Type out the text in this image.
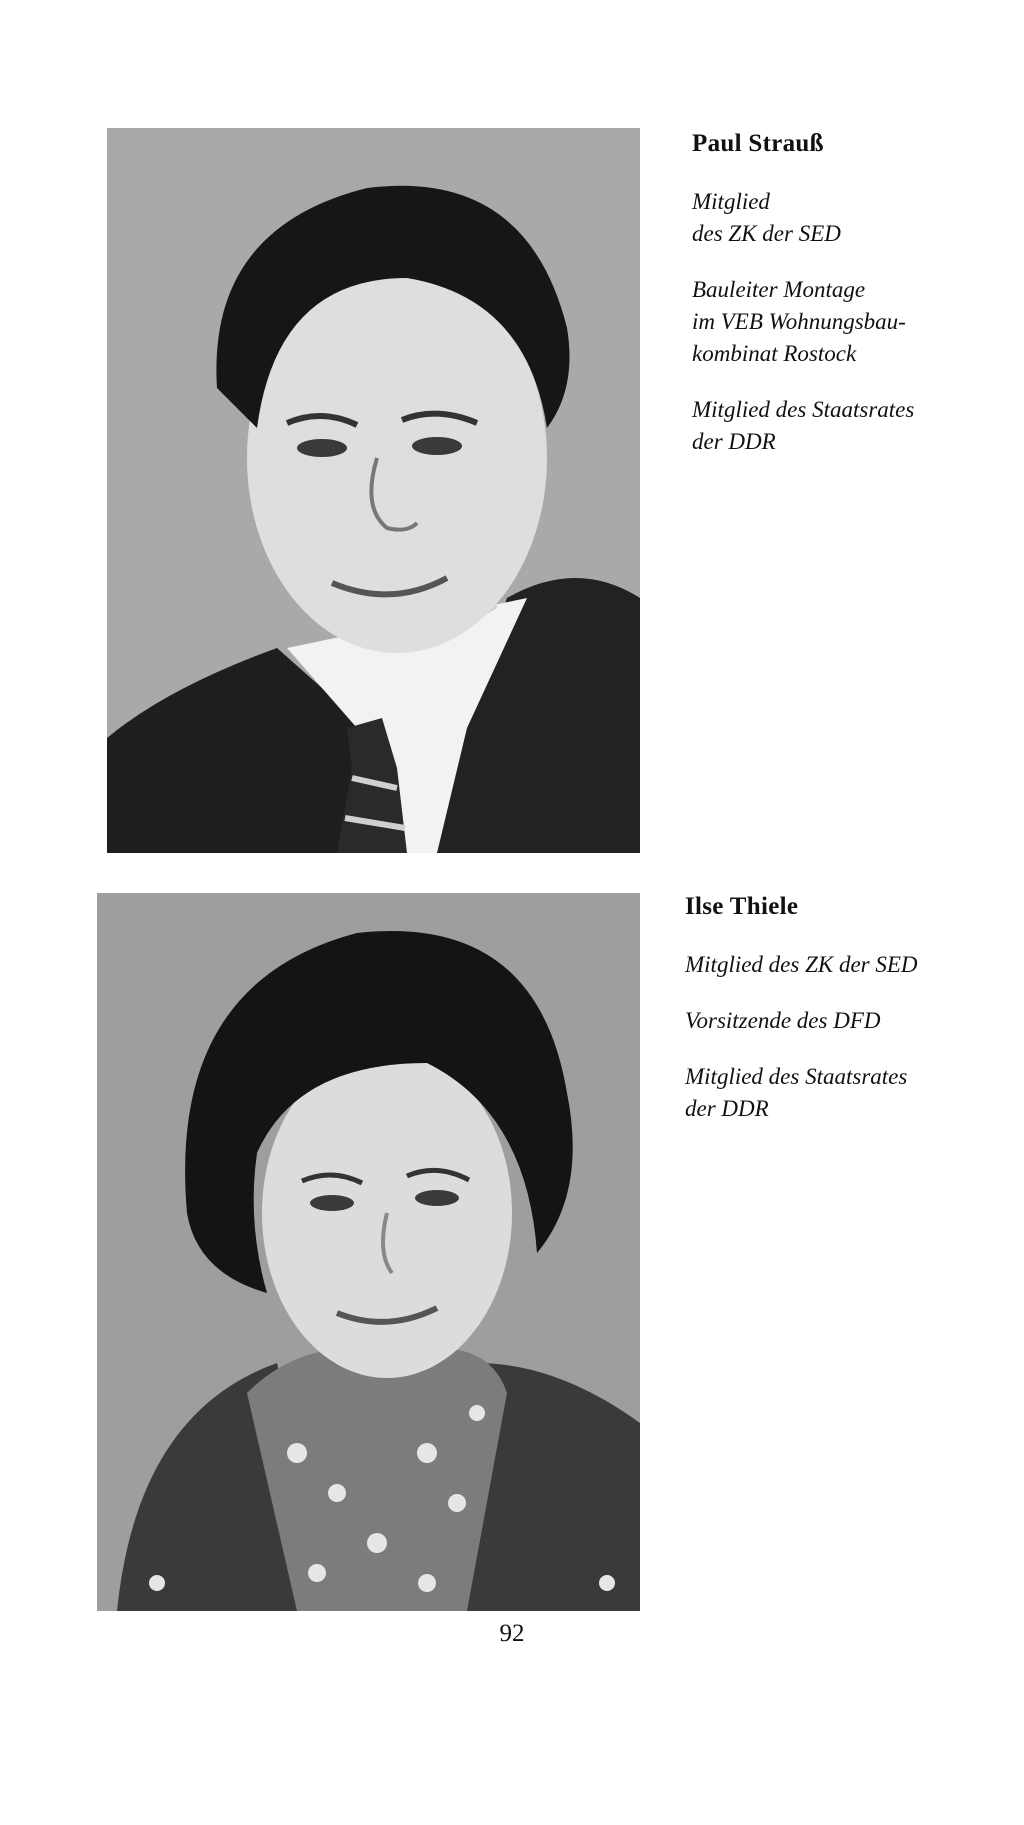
Paul Strauß
Mitglied
des ZK der SED
Bauleiter Montage
im VEB Wohnungsbau-
kombinat Rostock
Mitglied des Staatsrates
der DDR
Ilse Thiele
Mitglied des ZK der SED
Vorsitzende des DFD
Mitglied des Staatsrates
der DDR
92
